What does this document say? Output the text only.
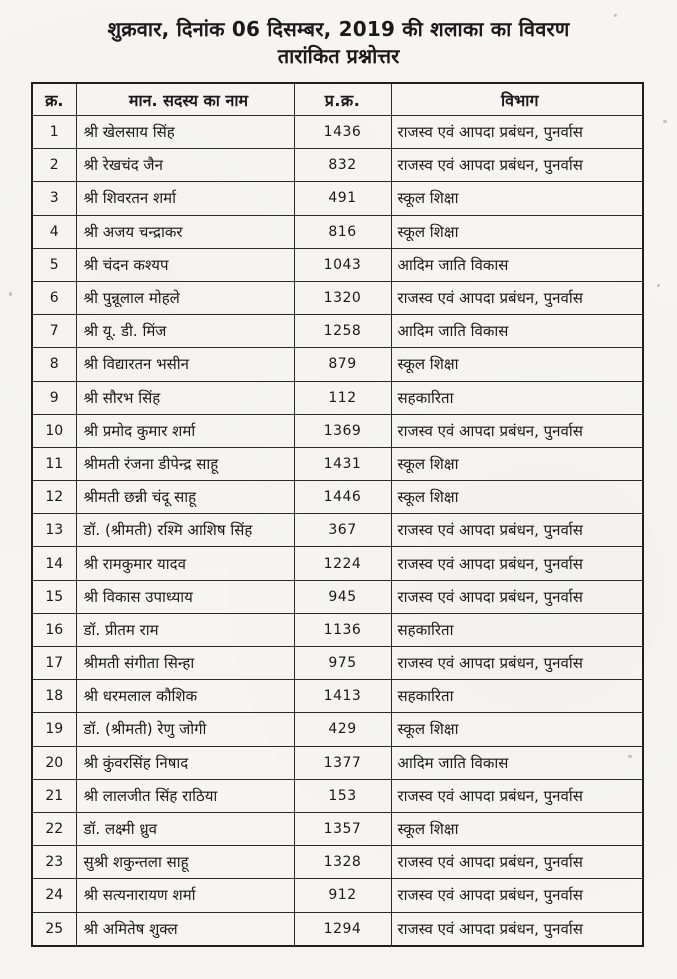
शुक्रवार, दिनांक 06 दिसम्बर, 2019 की शलाका का विवरण
तारांकित प्रश्नोत्तर
क्र.	मान. सदस्य का नाम	प्र.क्र.	विभाग
1	श्री खेलसाय सिंह	1436	राजस्व एवं आपदा प्रबंधन, पुनर्वास
2	श्री रेखचंद जैन	832	राजस्व एवं आपदा प्रबंधन, पुनर्वास
3	श्री शिवरतन शर्मा	491	स्कूल शिक्षा
4	श्री अजय चन्द्राकर	816	स्कूल शिक्षा
5	श्री चंदन कश्यप	1043	आदिम जाति विकास
6	श्री पुन्नूलाल मोहले	1320	राजस्व एवं आपदा प्रबंधन, पुनर्वास
7	श्री यू. डी. मिंज	1258	आदिम जाति विकास
8	श्री विद्यारतन भसीन	879	स्कूल शिक्षा
9	श्री सौरभ सिंह	112	सहकारिता
10	श्री प्रमोद कुमार शर्मा	1369	राजस्व एवं आपदा प्रबंधन, पुनर्वास
11	श्रीमती रंजना डीपेन्द्र साहू	1431	स्कूल शिक्षा
12	श्रीमती छन्नी चंदू साहू	1446	स्कूल शिक्षा
13	डॉ. (श्रीमती) रश्मि आशिष सिंह	367	राजस्व एवं आपदा प्रबंधन, पुनर्वास
14	श्री रामकुमार यादव	1224	राजस्व एवं आपदा प्रबंधन, पुनर्वास
15	श्री विकास उपाध्याय	945	राजस्व एवं आपदा प्रबंधन, पुनर्वास
16	डॉ. प्रीतम राम	1136	सहकारिता
17	श्रीमती संगीता सिन्हा	975	राजस्व एवं आपदा प्रबंधन, पुनर्वास
18	श्री धरमलाल कौशिक	1413	सहकारिता
19	डॉ. (श्रीमती) रेणु जोगी	429	स्कूल शिक्षा
20	श्री कुंवरसिंह निषाद	1377	आदिम जाति विकास
21	श्री लालजीत सिंह राठिया	153	राजस्व एवं आपदा प्रबंधन, पुनर्वास
22	डॉ. लक्ष्मी ध्रुव	1357	स्कूल शिक्षा
23	सुश्री शकुन्तला साहू	1328	राजस्व एवं आपदा प्रबंधन, पुनर्वास
24	श्री सत्यनारायण शर्मा	912	राजस्व एवं आपदा प्रबंधन, पुनर्वास
25	श्री अमितेष शुक्ल	1294	राजस्व एवं आपदा प्रबंधन, पुनर्वास
